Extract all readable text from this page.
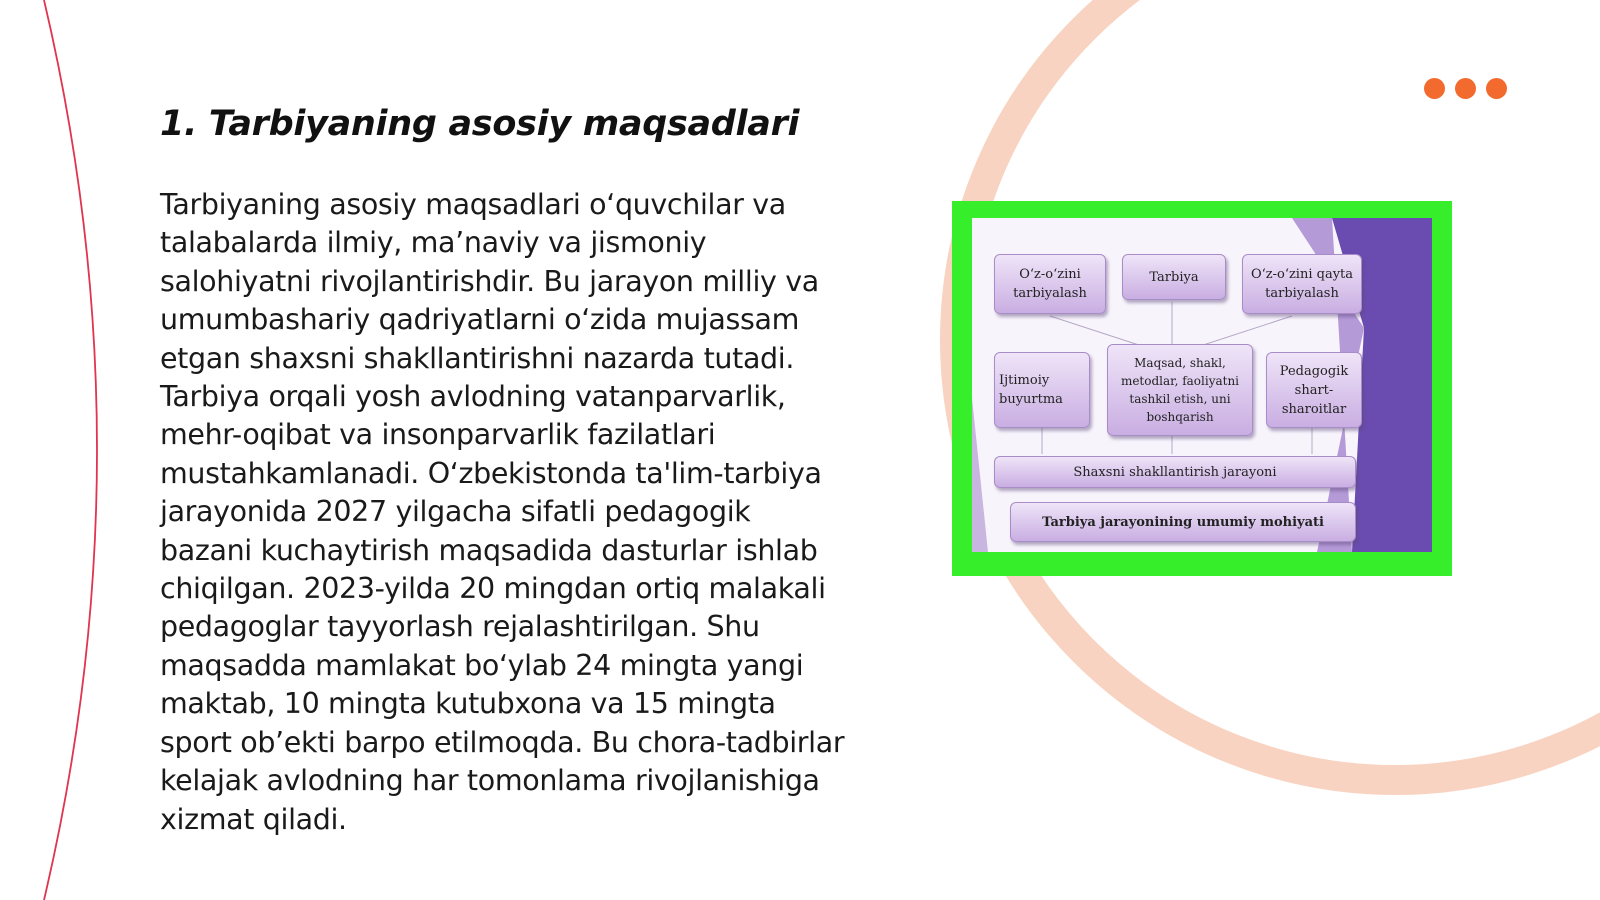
1. Tarbiyaning asosiy maqsadlari

Tarbiyaning asosiy maqsadlari oʻquvchilar va talabalarda ilmiy, ma’naviy va jismoniy salohiyatni rivojlantirishdir. Bu jarayon milliy va umumbashariy qadriyatlarni oʻzida mujassam etgan shaxsni shakllantirishni nazarda tutadi. Tarbiya orqali yosh avlodning vatanparvarlik, mehr-oqibat va insonparvarlik fazilatlari mustahkamlanadi. Oʻzbekistonda ta'lim-tarbiya jarayonida 2027 yilgacha sifatli pedagogik bazani kuchaytirish maqsadida dasturlar ishlab chiqilgan. 2023-yilda 20 mingdan ortiq malakali pedagoglar tayyorlash rejalashtirilgan. Shu maqsadda mamlakat boʻylab 24 mingta yangi maktab, 10 mingta kutubxona va 15 mingta sport ob’ekti barpo etilmoqda. Bu chora-tadbirlar kelajak avlodning har tomonlama rivojlanishiga xizmat qiladi.

Oʻz-oʻzini tarbiyalash
Tarbiya	Oʻz-oʻzini qayta tarbiyalash
Ijtimoiy buyurtma
Maqsad, shakl, metodlar, faoliyatni tashkil etish, uni boshqarish
Pedagogik shart-sharoitlar
Shaxsni shakllantirish jarayoni
Tarbiya jarayonining umumiy mohiyati
